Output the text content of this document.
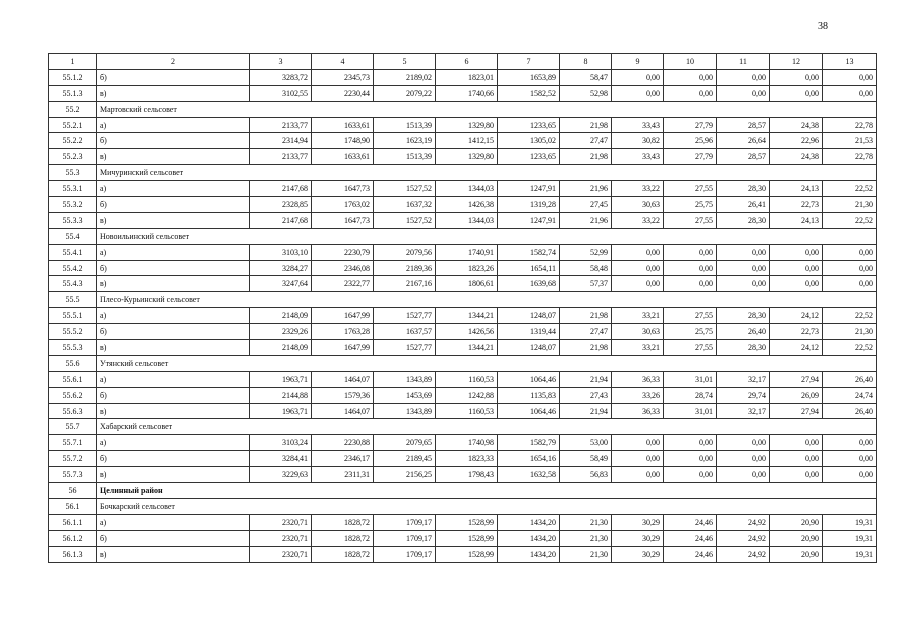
38
1	2	3	4	5	6	7	8	9	10	11	12	13
55.1.2	б)	3283,72	2345,73	2189,02	1823,01	1653,89	58,47	0,00	0,00	0,00	0,00	0,00
55.1.3	в)	3102,55	2230,44	2079,22	1740,66	1582,52	52,98	0,00	0,00	0,00	0,00	0,00
55.2	Мартовский сельсовет											
55.2.1	а)	2133,77	1633,61	1513,39	1329,80	1233,65	21,98	33,43	27,79	28,57	24,38	22,78
55.2.2	б)	2314,94	1748,90	1623,19	1412,15	1305,02	27,47	30,82	25,96	26,64	22,96	21,53
55.2.3	в)	2133,77	1633,61	1513,39	1329,80	1233,65	21,98	33,43	27,79	28,57	24,38	22,78
55.3	Мичуринский сельсовет											
55.3.1	а)	2147,68	1647,73	1527,52	1344,03	1247,91	21,96	33,22	27,55	28,30	24,13	22,52
55.3.2	б)	2328,85	1763,02	1637,32	1426,38	1319,28	27,45	30,63	25,75	26,41	22,73	21,30
55.3.3	в)	2147,68	1647,73	1527,52	1344,03	1247,91	21,96	33,22	27,55	28,30	24,13	22,52
55.4	Новоильинский сельсовет											
55.4.1	а)	3103,10	2230,79	2079,56	1740,91	1582,74	52,99	0,00	0,00	0,00	0,00	0,00
55.4.2	б)	3284,27	2346,08	2189,36	1823,26	1654,11	58,48	0,00	0,00	0,00	0,00	0,00
55.4.3	в)	3247,64	2322,77	2167,16	1806,61	1639,68	57,37	0,00	0,00	0,00	0,00	0,00
55.5	Плесо-Курьинский сельсовет											
55.5.1	а)	2148,09	1647,99	1527,77	1344,21	1248,07	21,98	33,21	27,55	28,30	24,12	22,52
55.5.2	б)	2329,26	1763,28	1637,57	1426,56	1319,44	27,47	30,63	25,75	26,40	22,73	21,30
55.5.3	в)	2148,09	1647,99	1527,77	1344,21	1248,07	21,98	33,21	27,55	28,30	24,12	22,52
55.6	Утянский сельсовет											
55.6.1	а)	1963,71	1464,07	1343,89	1160,53	1064,46	21,94	36,33	31,01	32,17	27,94	26,40
55.6.2	б)	2144,88	1579,36	1453,69	1242,88	1135,83	27,43	33,26	28,74	29,74	26,09	24,74
55.6.3	в)	1963,71	1464,07	1343,89	1160,53	1064,46	21,94	36,33	31,01	32,17	27,94	26,40
55.7	Хабарский сельсовет											
55.7.1	а)	3103,24	2230,88	2079,65	1740,98	1582,79	53,00	0,00	0,00	0,00	0,00	0,00
55.7.2	б)	3284,41	2346,17	2189,45	1823,33	1654,16	58,49	0,00	0,00	0,00	0,00	0,00
55.7.3	в)	3229,63	2311,31	2156,25	1798,43	1632,58	56,83	0,00	0,00	0,00	0,00	0,00
56	Целинный район											
56.1	Бочкарский сельсовет											
56.1.1	а)	2320,71	1828,72	1709,17	1528,99	1434,20	21,30	30,29	24,46	24,92	20,90	19,31
56.1.2	б)	2320,71	1828,72	1709,17	1528,99	1434,20	21,30	30,29	24,46	24,92	20,90	19,31
56.1.3	в)	2320,71	1828,72	1709,17	1528,99	1434,20	21,30	30,29	24,46	24,92	20,90	19,31
